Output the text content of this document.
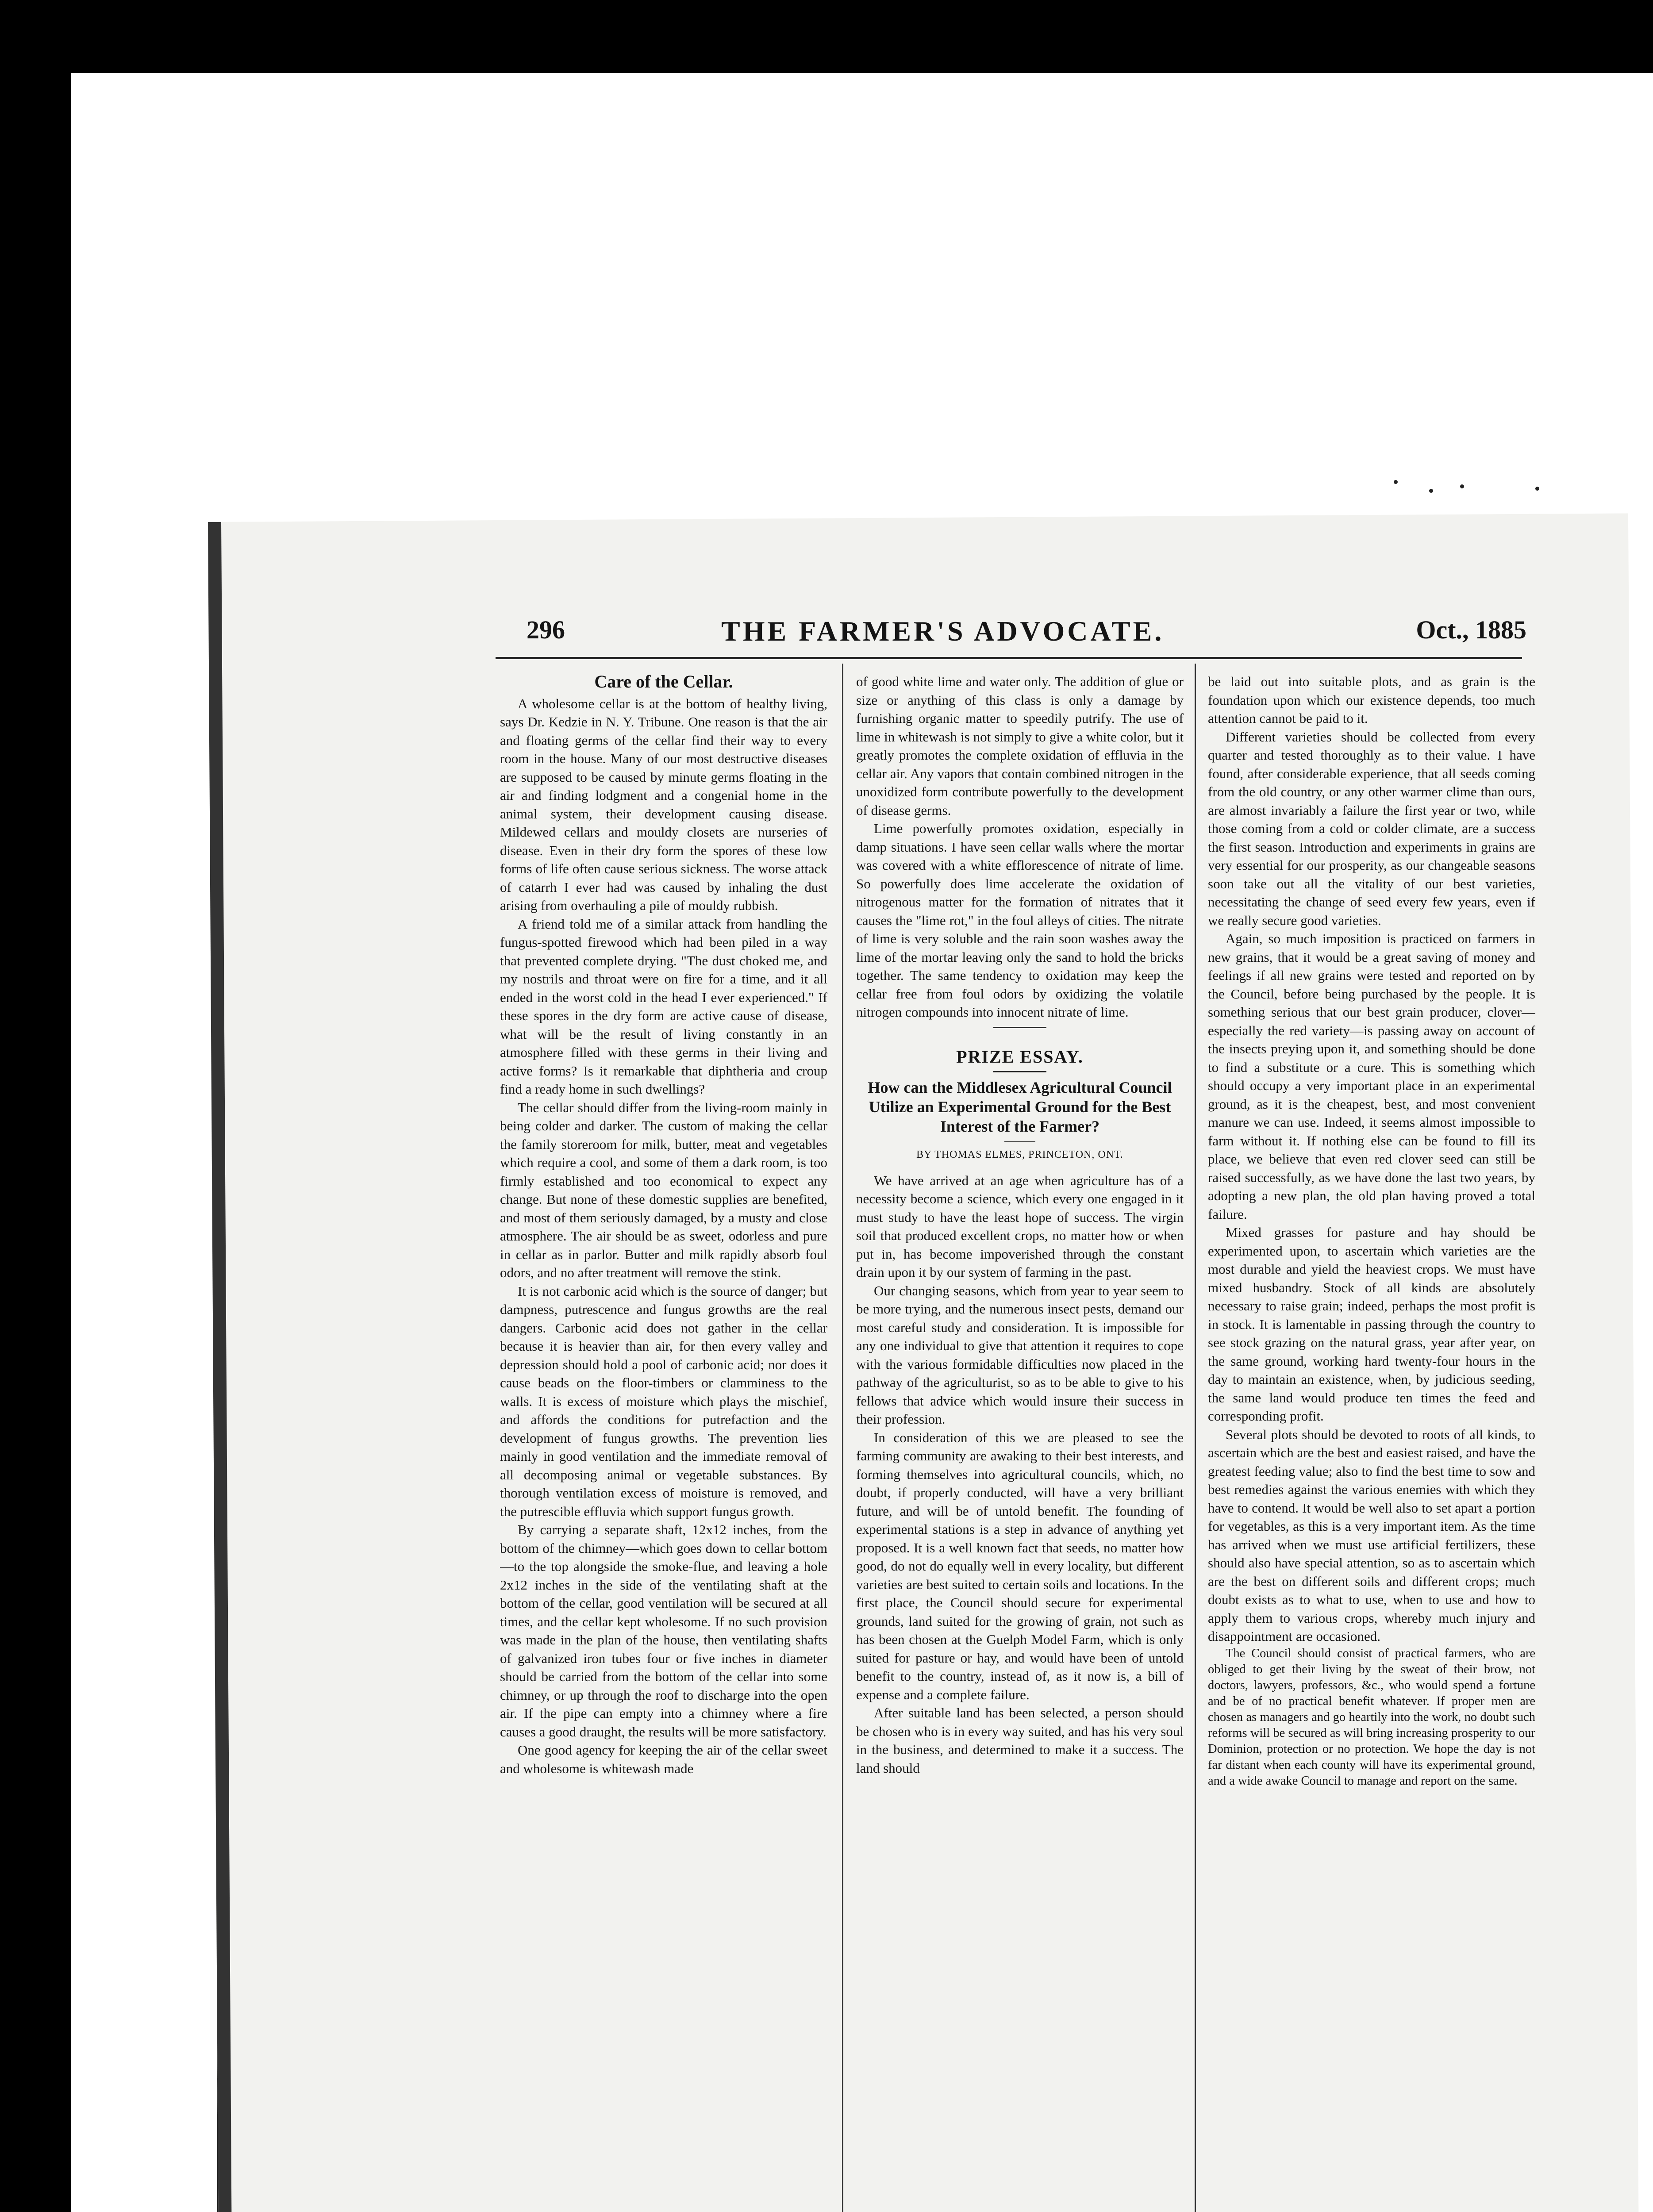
296	THE FARMER'S ADVOCATE.	Oct., 1885
Care of the Cellar.

A wholesome cellar is at the bottom of healthy living, says Dr. Kedzie in N. Y. Tribune. One reason is that the air and floating germs of the cellar find their way to every room in the house. Many of our most destructive diseases are supposed to be caused by minute germs floating in the air and finding lodgment and a congenial home in the animal system, their development causing disease. Mildewed cellars and mouldy closets are nurseries of disease. Even in their dry form the spores of these low forms of life often cause serious sickness. The worse attack of catarrh I ever had was caused by inhaling the dust arising from overhauling a pile of mouldy rubbish.

A friend told me of a similar attack from handling the fungus-spotted firewood which had been piled in a way that prevented complete drying. "The dust choked me, and my nostrils and throat were on fire for a time, and it all ended in the worst cold in the head I ever experienced." If these spores in the dry form are active cause of disease, what will be the result of living constantly in an atmosphere filled with these germs in their living and active forms? Is it remarkable that diphtheria and croup find a ready home in such dwellings?

The cellar should differ from the living-room mainly in being colder and darker. The custom of making the cellar the family storeroom for milk, butter, meat and vegetables which require a cool, and some of them a dark room, is too firmly established and too economical to expect any change. But none of these domestic supplies are benefited, and most of them seriously damaged, by a musty and close atmosphere. The air should be as sweet, odorless and pure in cellar as in parlor. Butter and milk rapidly absorb foul odors, and no after treatment will remove the stink.

It is not carbonic acid which is the source of danger; but dampness, putrescence and fungus growths are the real dangers. Carbonic acid does not gather in the cellar because it is heavier than air, for then every valley and depression should hold a pool of carbonic acid; nor does it cause beads on the floor-timbers or clamminess to the walls. It is excess of moisture which plays the mischief, and affords the conditions for putrefaction and the development of fungus growths. The prevention lies mainly in good ventilation and the immediate removal of all decomposing animal or vegetable substances. By thorough ventilation excess of moisture is removed, and the putrescible effluvia which support fungus growth.

By carrying a separate shaft, 12x12 inches, from the bottom of the chimney—which goes down to cellar bottom—to the top alongside the smoke-flue, and leaving a hole 2x12 inches in the side of the ventilating shaft at the bottom of the cellar, good ventilation will be secured at all times, and the cellar kept wholesome. If no such provision was made in the plan of the house, then ventilating shafts of galvanized iron tubes four or five inches in diameter should be carried from the bottom of the cellar into some chimney, or up through the roof to discharge into the open air. If the pipe can empty into a chimney where a fire causes a good draught, the results will be more satisfactory.

One good agency for keeping the air of the cellar sweet and wholesome is whitewash made

of good white lime and water only. The addition of glue or size or anything of this class is only a damage by furnishing organic matter to speedily putrify. The use of lime in whitewash is not simply to give a white color, but it greatly promotes the complete oxidation of effluvia in the cellar air. Any vapors that contain combined nitrogen in the unoxidized form contribute powerfully to the development of disease germs.

Lime powerfully promotes oxidation, especially in damp situations. I have seen cellar walls where the mortar was covered with a white efflorescence of nitrate of lime. So powerfully does lime accelerate the oxidation of nitrogenous matter for the formation of nitrates that it causes the "lime rot," in the foul alleys of cities. The nitrate of lime is very soluble and the rain soon washes away the lime of the mortar leaving only the sand to hold the bricks together. The same tendency to oxidation may keep the cellar free from foul odors by oxidizing the volatile nitrogen compounds into innocent nitrate of lime.

PRIZE ESSAY.
How can the Middlesex Agricultural Council Utilize an Experimental Ground for the Best Interest of the Farmer?
BY THOMAS ELMES, PRINCETON, ONT.

We have arrived at an age when agriculture has of a necessity become a science, which every one engaged in it must study to have the least hope of success. The virgin soil that produced excellent crops, no matter how or when put in, has become impoverished through the constant drain upon it by our system of farming in the past.

Our changing seasons, which from year to year seem to be more trying, and the numerous insect pests, demand our most careful study and consideration. It is impossible for any one individual to give that attention it requires to cope with the various formidable difficulties now placed in the pathway of the agriculturist, so as to be able to give to his fellows that advice which would insure their success in their profession.

In consideration of this we are pleased to see the farming community are awaking to their best interests, and forming themselves into agricultural councils, which, no doubt, if properly conducted, will have a very brilliant future, and will be of untold benefit. The founding of experimental stations is a step in advance of anything yet proposed. It is a well known fact that seeds, no matter how good, do not do equally well in every locality, but different varieties are best suited to certain soils and locations. In the first place, the Council should secure for experimental grounds, land suited for the growing of grain, not such as has been chosen at the Guelph Model Farm, which is only suited for pasture or hay, and would have been of untold benefit to the country, instead of, as it now is, a bill of expense and a complete failure.

After suitable land has been selected, a person should be chosen who is in every way suited, and has his very soul in the business, and determined to make it a success. The land should

be laid out into suitable plots, and as grain is the foundation upon which our existence depends, too much attention cannot be paid to it.

Different varieties should be collected from every quarter and tested thoroughly as to their value. I have found, after considerable experience, that all seeds coming from the old country, or any other warmer clime than ours, are almost invariably a failure the first year or two, while those coming from a cold or colder climate, are a success the first season. Introduction and experiments in grains are very essential for our prosperity, as our changeable seasons soon take out all the vitality of our best varieties, necessitating the change of seed every few years, even if we really secure good varieties.

Again, so much imposition is practiced on farmers in new grains, that it would be a great saving of money and feelings if all new grains were tested and reported on by the Council, before being purchased by the people. It is something serious that our best grain producer, clover—especially the red variety—is passing away on account of the insects preying upon it, and something should be done to find a substitute or a cure. This is something which should occupy a very important place in an experimental ground, as it is the cheapest, best, and most convenient manure we can use. Indeed, it seems almost impossible to farm without it. If nothing else can be found to fill its place, we believe that even red clover seed can still be raised successfully, as we have done the last two years, by adopting a new plan, the old plan having proved a total failure.

Mixed grasses for pasture and hay should be experimented upon, to ascertain which varieties are the most durable and yield the heaviest crops. We must have mixed husbandry. Stock of all kinds are absolutely necessary to raise grain; indeed, perhaps the most profit is in stock. It is lamentable in passing through the country to see stock grazing on the natural grass, year after year, on the same ground, working hard twenty-four hours in the day to maintain an existence, when, by judicious seeding, the same land would produce ten times the feed and corresponding profit.

Several plots should be devoted to roots of all kinds, to ascertain which are the best and easiest raised, and have the greatest feeding value; also to find the best time to sow and best remedies against the various enemies with which they have to contend. It would be well also to set apart a portion for vegetables, as this is a very important item. As the time has arrived when we must use artificial fertilizers, these should also have special attention, so as to ascertain which are the best on different soils and different crops; much doubt exists as to what to use, when to use and how to apply them to various crops, whereby much injury and disappointment are occasioned.

The Council should consist of practical farmers, who are obliged to get their living by the sweat of their brow, not doctors, lawyers, professors, &c., who would spend a fortune and be of no practical benefit whatever. If proper men are chosen as managers and go heartily into the work, no doubt such reforms will be secured as will bring increasing prosperity to our Dominion, protection or no protection. We hope the day is not far distant when each county will have its experimental ground, and a wide awake Council to manage and report on the same.
